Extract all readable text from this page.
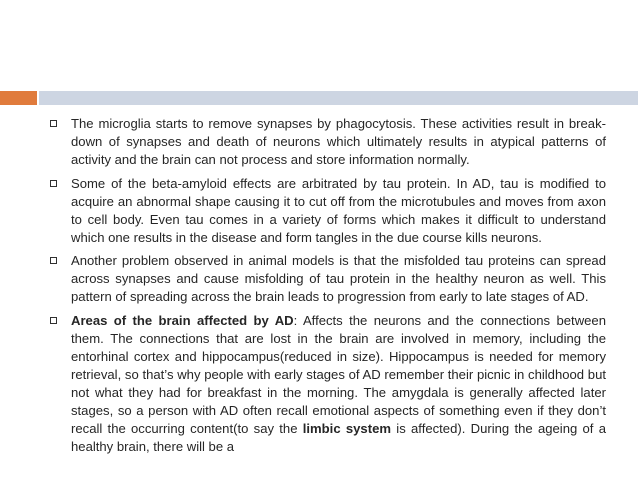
The microglia starts to remove synapses by phagocytosis. These activities result in break-down of synapses and death of neurons which ultimately results in atypical patterns of activity and the brain can not process and store information normally.
Some of the beta-amyloid effects are arbitrated by tau protein. In AD, tau is modified to acquire an abnormal shape causing it to cut off from the microtubules and moves from axon to cell body. Even tau comes in a variety of forms which makes it difficult to understand which one results in the disease and form tangles in the due course kills neurons.
Another problem observed in animal models is that the misfolded tau proteins can spread across synapses and cause misfolding of tau protein in the healthy neuron as well. This pattern of spreading across the brain leads to progression from early to late stages of AD.
Areas of the brain affected by AD: Affects the neurons and the connections between them. The connections that are lost in the brain are involved in memory, including the entorhinal cortex and hippocampus(reduced in size). Hippocampus is needed for memory retrieval, so that’s why people with early stages of AD remember their picnic in childhood but not what they had for breakfast in the morning. The amygdala is generally affected later stages, so a person with AD often recall emotional aspects of something even if they don’t recall the occurring content(to say the limbic system is affected). During the ageing of a healthy brain, there will be a
